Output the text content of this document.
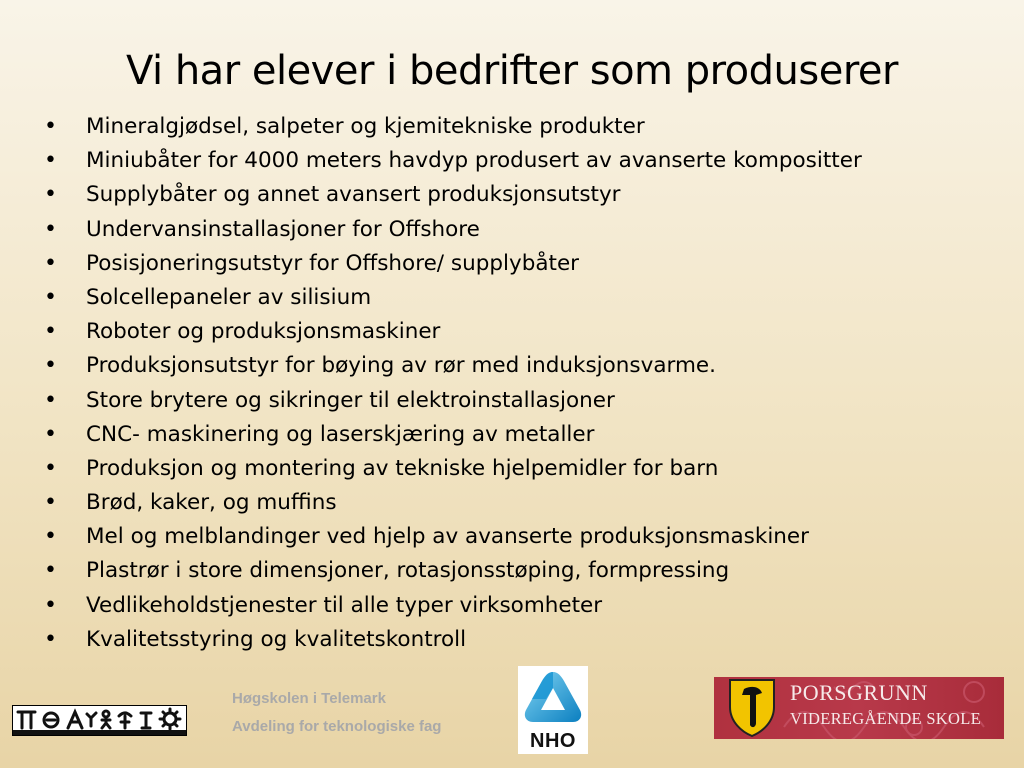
Vi har elever i bedrifter som produserer
• Mineralgjødsel, salpeter og kjemitekniske produkter
• Miniubåter for 4000 meters havdyp produsert av avanserte kompositter
• Supplybåter og annet avansert produksjonsutstyr
• Undervansinstallasjoner for Offshore
• Posisjoneringsutstyr for Offshore/ supplybåter
• Solcellepaneler av silisium
• Roboter og produksjonsmaskiner
• Produksjonsutstyr for bøying av rør med induksjonsvarme.
• Store brytere og sikringer til elektroinstallasjoner
• CNC- maskinering og laserskjæring av metaller
• Produksjon og montering av tekniske hjelpemidler for barn
• Brød, kaker, og muffins
• Mel og melblandinger ved hjelp av avanserte produksjonsmaskiner
• Plastrør i store dimensjoner, rotasjonsstøping, formpressing
• Vedlikeholdstjenester til alle typer virksomheter
• Kvalitetsstyring og kvalitetskontroll
Høgskolen i Telemark
Avdeling for teknologiske fag
NHO
PORSGRUNN
VIDEREGÅENDE SKOLE
